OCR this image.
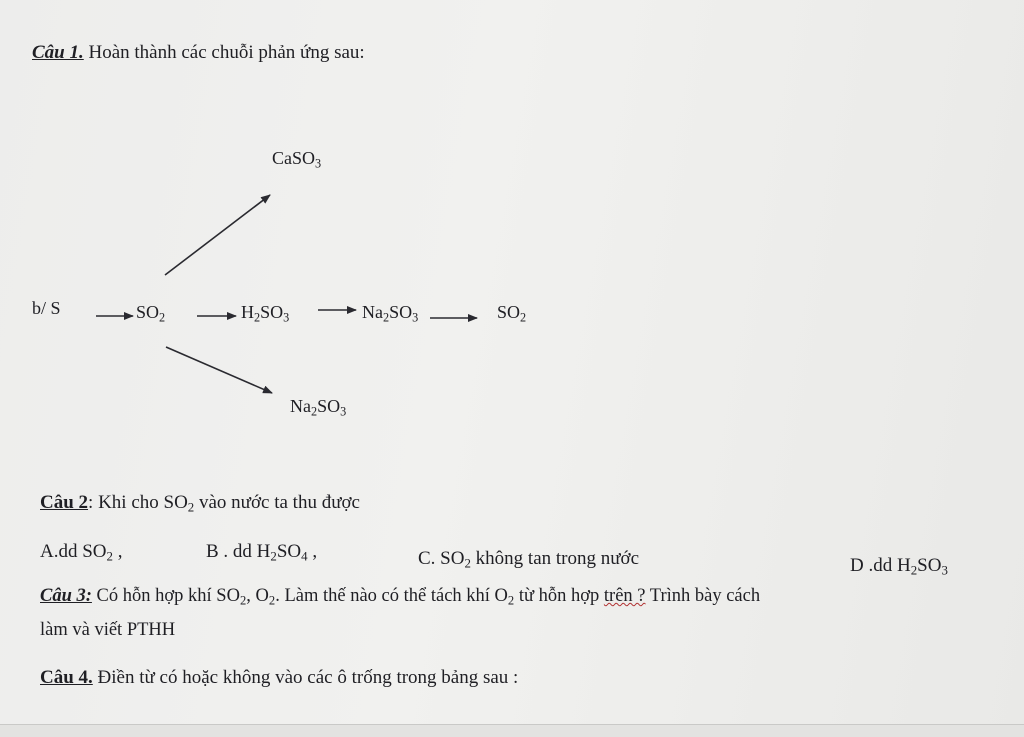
Câu 1. Hoàn thành các chuỗi phản ứng sau:
CaSO$_3$
b/ S	$SO_2$	$H_2SO_3$	$Na_2SO_3$	$SO_2$
$Na_2SO_3$
Câu 2: Khi cho $SO_2$ vào nước ta thu được
A.dd $SO_2$ ,	B . dd $H_2SO_4$ ,	C. $SO_2$ không tan trong nước	D .dd $H_2SO_3$
Câu 3: Có hỗn hợp khí $SO_2$, $O_2$. Làm thế nào có thể tách khí $O_2$ từ hỗn hợp trên ? Trình bày cách
làm và viết PTHH
Câu 4. Điền từ có hoặc không vào các ô trống trong bảng sau :
